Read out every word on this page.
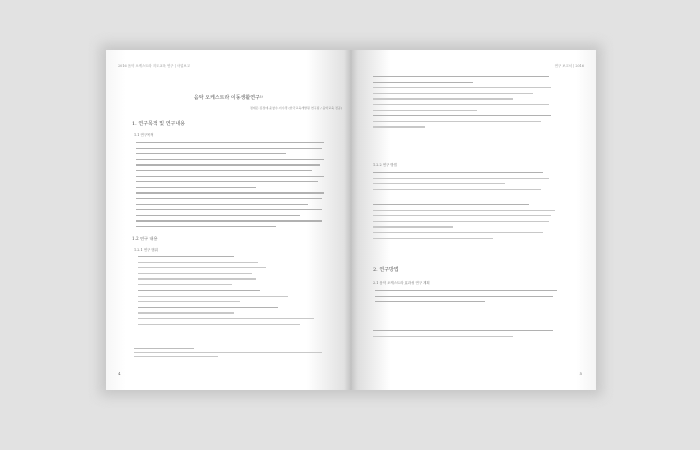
2016 음악 오케스트라 지도교육 연구 | 사업보고
음악 오케스트라 이동생활연구¹⁾
정재은·김정애·윤창수·이수경 (한국교육개발원 연구팀 / 음악교육 전공)
1. 연구목적 및 연구내용
1.1 연구목적
1.2 연구 내용
1.2.1 연구 범위
4
연구 보고서 | 2016
1.2.2 연구 방법
2. 연구방법
2.1 음악 오케스트라 효과성 연구 계획
5
